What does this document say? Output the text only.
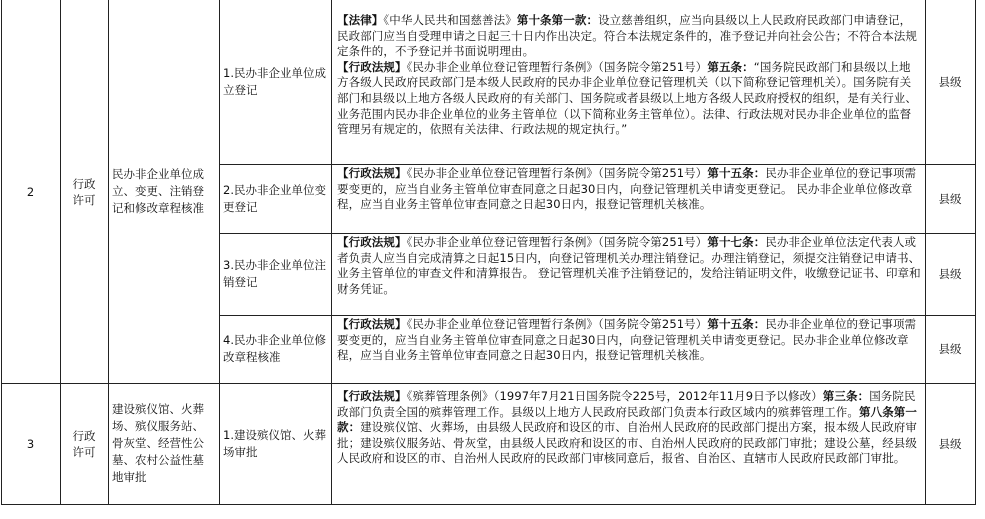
2
行政许可
民办非企业单位成立、变更、注销登记和修改章程核准
1.民办非企业单位成立登记
【法律】《中华人民共和国慈善法》第十条第一款：设立慈善组织，应当向县级以上人民政府民政部门申请登记，民政部门应当自受理申请之日起三十日内作出决定。符合本法规定条件的，准予登记并向社会公告；不符合本法规定条件的，不予登记并书面说明理由。
【行政法规】《民办非企业单位登记管理暂行条例》（国务院令第251号）第五条：“国务院民政部门和县级以上地方各级人民政府民政部门是本级人民政府的民办非企业单位登记管理机关（以下简称登记管理机关）。国务院有关部门和县级以上地方各级人民政府的有关部门、国务院或者县级以上地方各级人民政府授权的组织，是有关行业、业务范围内民办非企业单位的业务主管单位（以下简称业务主管单位）。法律、行政法规对民办非企业单位的监督管理另有规定的，依照有关法律、行政法规的规定执行。”
县级
2.民办非企业单位变更登记
【行政法规】《民办非企业单位登记管理暂行条例》（国务院令第251号）第十五条：民办非企业单位的登记事项需要变更的，应当自业务主管单位审查同意之日起30日内，向登记管理机关申请变更登记。 民办非企业单位修改章程，应当自业务主管单位审查同意之日起30日内，报登记管理机关核准。	县级
3.民办非企业单位注销登记
【行政法规】《民办非企业单位登记管理暂行条例》（国务院令第251号）第十七条：民办非企业单位法定代表人或者负责人应当自完成清算之日起15日内，向登记管理机关办理注销登记。办理注销登记，须提交注销登记申请书、业务主管单位的审查文件和清算报告。 登记管理机关准予注销登记的，发给注销证明文件，收缴登记证书、印章和财务凭证。
县级
4.民办非企业单位修改章程核准
【行政法规】《民办非企业单位登记管理暂行条例》（国务院令第251号）第十五条：民办非企业单位的登记事项需要变更的，应当自业务主管单位审查同意之日起30日内，向登记管理机关申请变更登记。民办非企业单位修改章程，应当自业务主管单位审查同意之日起30日内，报登记管理机关核准。	县级
3
行政许可
建设殡仪馆、火葬场、殡仪服务站、骨灰堂、经营性公墓、农村公益性墓地审批
1.建设殡仪馆、火葬场审批
【行政法规】《殡葬管理条例》（1997年7月21日国务院令225号，2012年11月9日予以修改）第三条：国务院民政部门负责全国的殡葬管理工作。县级以上地方人民政府民政部门负责本行政区域内的殡葬管理工作。第八条第一款：建设殡仪馆、火葬场，由县级人民政府和设区的市、自治州人民政府的民政部门提出方案，报本级人民政府审批；建设殡仪服务站、骨灰堂，由县级人民政府和设区的市、自治州人民政府的民政部门审批；建设公墓，经县级人民政府和设区的市、自治州人民政府的民政部门审核同意后，报省、自治区、直辖市人民政府民政部门审批。
县级
